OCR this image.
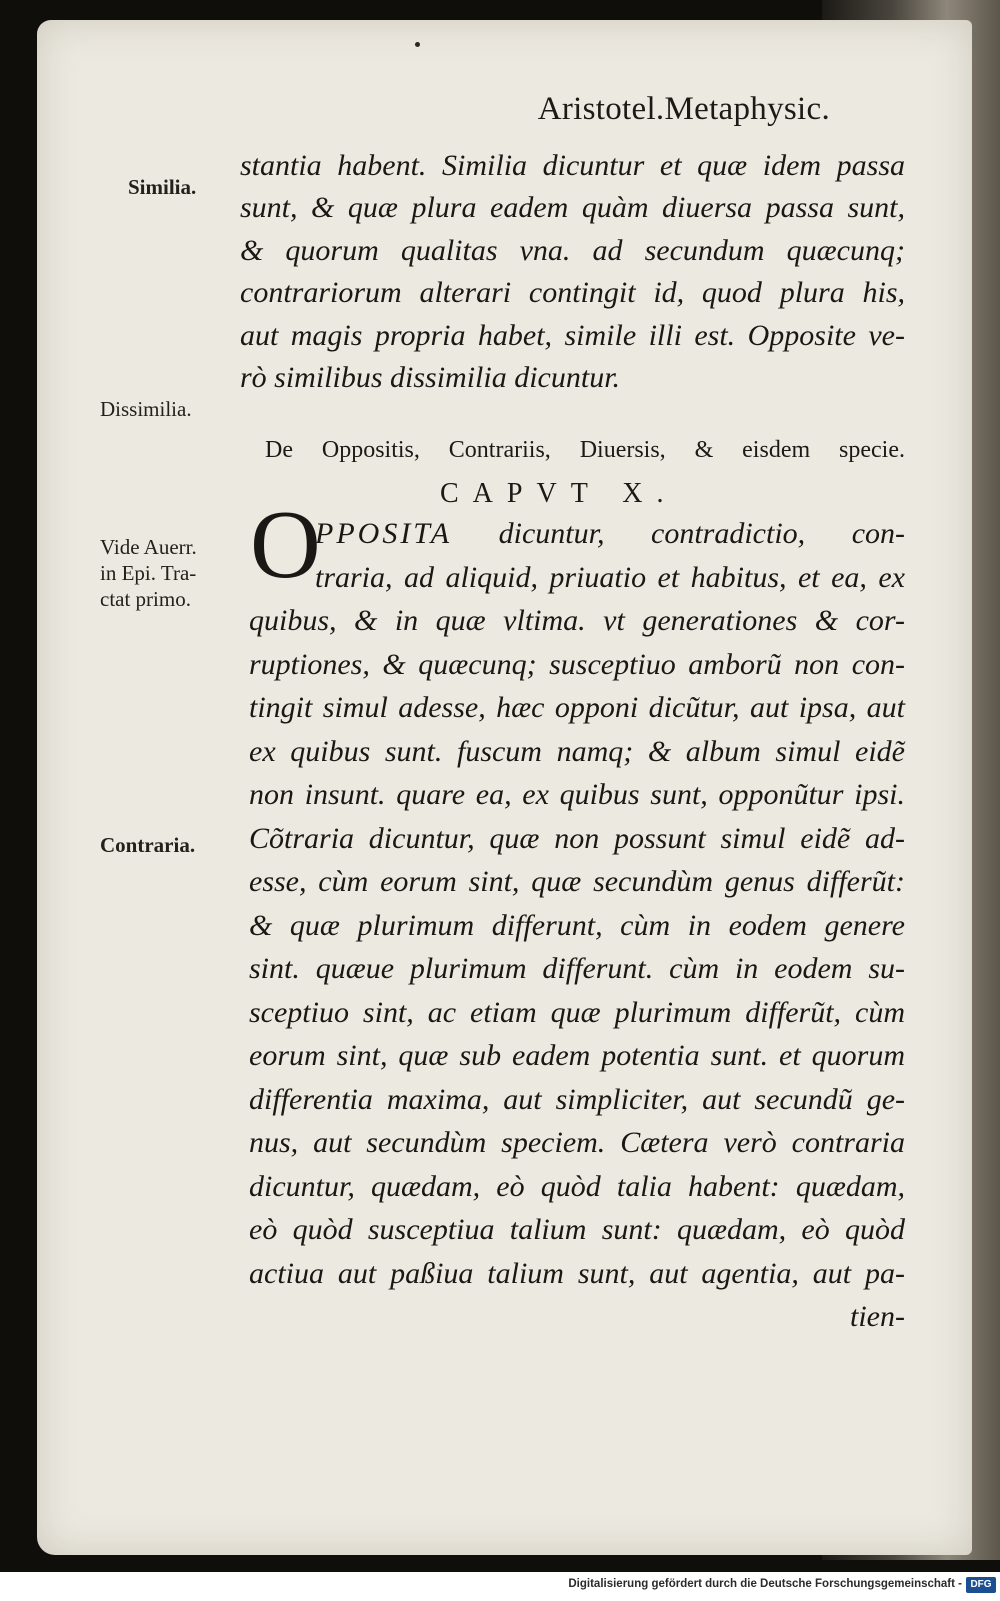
Aristotel.Metaphysic.
Similia.
stantia habent. Similia dicuntur et quæ idem passa
sunt, & quæ plura eadem quàm diuersa passa sunt,
& quorum qualitas vna. ad secundum quæcunq;
contrariorum alterari contingit id, quod plura his,
aut magis propria habet, simile illi est. Opposite ve-
rò similibus dissimilia dicuntur.
Dissimilia.
De Oppositis, Contrariis, Diuersis, & eisdem specie.
CAPVT X.
O
Vide Auerr.
in Epi. Tra-
ctat primo.
Contraria.
PPOSITA dicuntur, contradictio, con-
traria, ad aliquid, priuatio et habitus, et ea, ex
quibus, & in quæ vltima. vt generationes & cor-
ruptiones, & quæcunq; susceptiuo amborũ non con-
tingit simul adesse, hæc opponi dicũtur, aut ipsa, aut
ex quibus sunt. fuscum namq; & album simul eidẽ
non insunt. quare ea, ex quibus sunt, opponũtur ipsi.
Cõtraria dicuntur, quæ non possunt simul eidẽ ad-
esse, cùm eorum sint, quæ secundùm genus differũt:
& quæ plurimum differunt, cùm in eodem genere
sint. quæue plurimum differunt. cùm in eodem su-
sceptiuo sint, ac etiam quæ plurimum differũt, cùm
eorum sint, quæ sub eadem potentia sunt. et quorum
differentia maxima, aut simpliciter, aut secundũ ge-
nus, aut secundùm speciem. Cætera verò contraria
dicuntur, quædam, eò quòd talia habent: quædam,
eò quòd susceptiua talium sunt: quædam, eò quòd
actiua aut paßiua talium sunt, aut agentia, aut pa-
tien-
Digitalisierung gefördert durch die Deutsche Forschungsgemeinschaft - DFG
